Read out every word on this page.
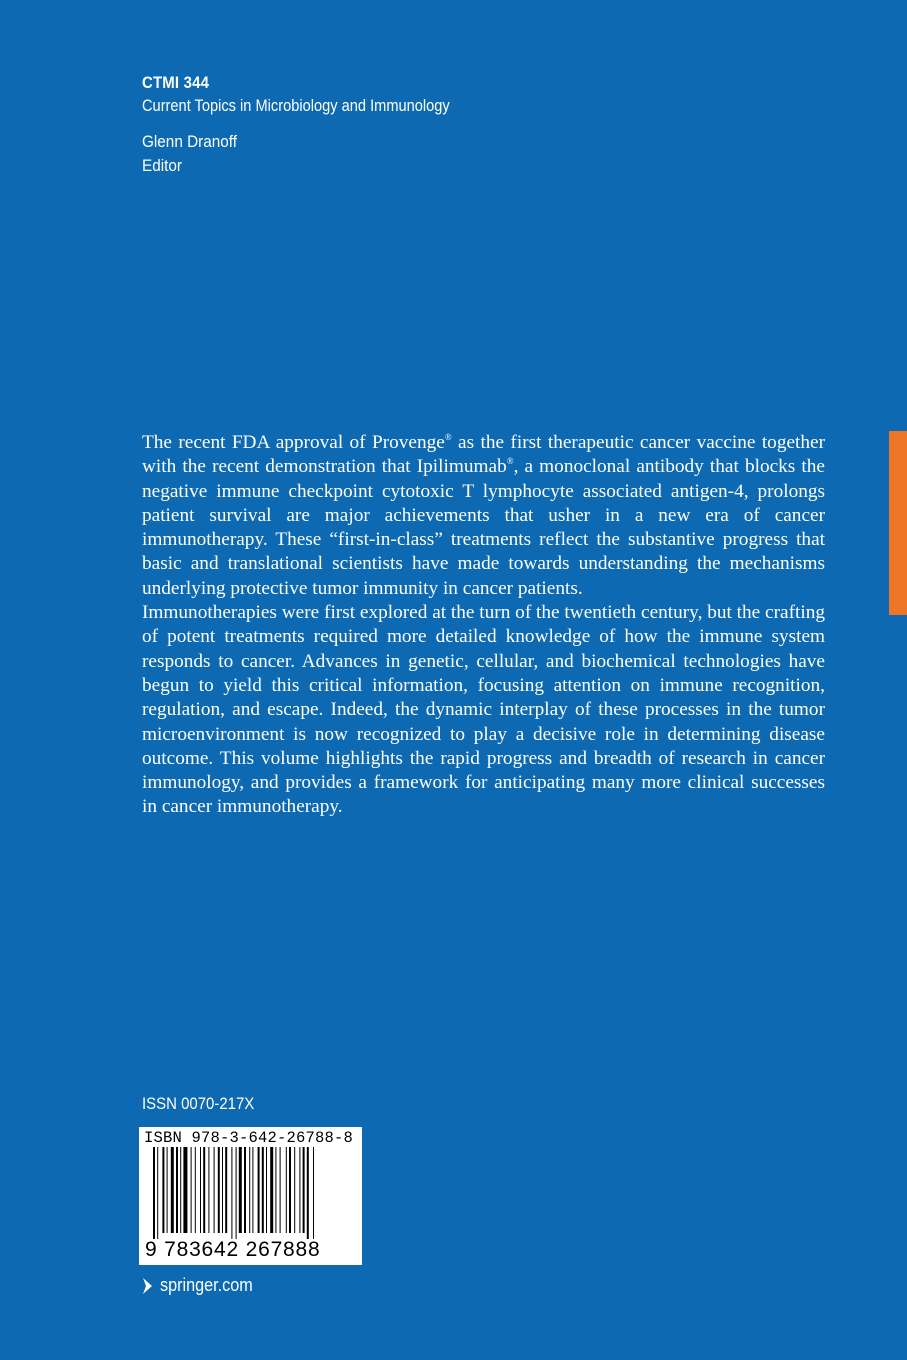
CTMI 344
Current Topics in Microbiology and Immunology
Glenn Dranoff
Editor

The recent FDA approval of Provenge® as the first therapeutic cancer vaccine together with the recent demonstration that Ipilimumab®, a monoclonal antibody that blocks the negative immune checkpoint cytotoxic T lymphocyte associated antigen-4, prolongs patient survival are major achievements that usher in a new era of cancer immunotherapy. These “first-in-class” treatments reflect the substantive progress that basic and translational scientists have made towards understanding the mechanisms underlying protective tumor immunity in cancer patients.

Immunotherapies were first explored at the turn of the twentieth century, but the crafting of potent treatments required more detailed knowledge of how the immune system responds to cancer. Advances in genetic, cellular, and biochemical technologies have begun to yield this critical information, focusing attention on immune recognition, regulation, and escape. Indeed, the dynamic interplay of these processes in the tumor microenvironment is now recognized to play a decisive role in determining disease outcome. This volume highlights the rapid progress and breadth of research in cancer immunology, and provides a framework for anticipating many more clinical successes in cancer immunotherapy.

ISSN 0070-217X
ISBN 978-3-642-26788-8
9 783642 267888
springer.com
